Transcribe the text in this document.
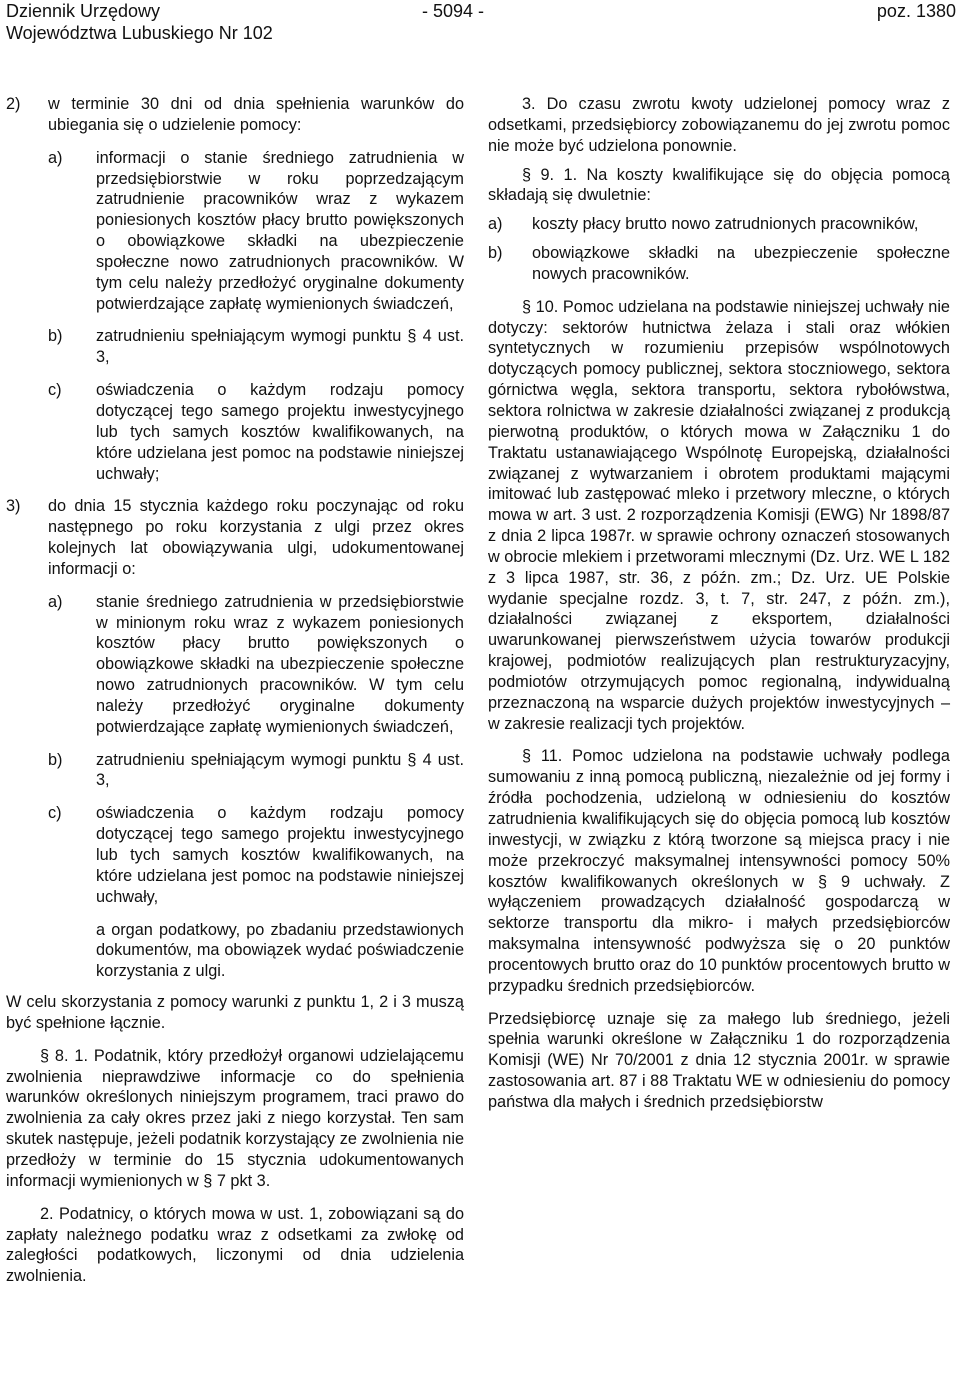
Dziennik Urzędowy
Województwa Lubuskiego Nr 102
- 5094 -	poz. 1380
2)	w terminie 30 dni od dnia spełnienia warunków do ubiegania się o udzielenie pomocy:
a)	informacji o stanie średniego zatrudnienia w przedsiębiorstwie w roku poprzedzającym zatrudnienie pracowników wraz z wykazem poniesionych kosztów płacy brutto powiększonych o obowiązkowe składki na ubezpieczenie społeczne nowo zatrudnionych pracowników. W tym celu należy przedłożyć oryginalne dokumenty potwierdzające zapłatę wymienionych świadczeń,
b)	zatrudnieniu spełniającym wymogi punktu § 4 ust. 3,
c)	oświadczenia o każdym rodzaju pomocy dotyczącej tego samego projektu inwestycyjnego lub tych samych kosztów kwalifikowanych, na które udzielana jest pomoc na podstawie niniejszej uchwały;
3)	do dnia 15 stycznia każdego roku poczynając od roku następnego po roku korzystania z ulgi przez okres kolejnych lat obowiązywania ulgi, udokumentowanej informacji o:
a)	stanie średniego zatrudnienia w przedsiębiorstwie w minionym roku wraz z wykazem poniesionych kosztów płacy brutto powiększonych o obowiązkowe składki na ubezpieczenie społeczne nowo zatrudnionych pracowników. W tym celu należy przedłożyć oryginalne dokumenty potwierdzające zapłatę wymienionych świadczeń,
b)	zatrudnieniu spełniającym wymogi punktu § 4 ust. 3,
c)	oświadczenia o każdym rodzaju pomocy dotyczącej tego samego projektu inwestycyjnego lub tych samych kosztów kwalifikowanych, na które udzielana jest pomoc na podstawie niniejszej uchwały,

a organ podatkowy, po zbadaniu przedstawionych dokumentów, ma obowiązek wydać poświadczenie korzystania z ulgi.

W celu skorzystania z pomocy warunki z punktu 1, 2 i 3 muszą być spełnione łącznie.

§ 8. 1. Podatnik, który przedłożył organowi udzielającemu zwolnienia nieprawdziwe informacje co do spełnienia warunków określonych niniejszym programem, traci prawo do zwolnienia za cały okres przez jaki z niego korzystał. Ten sam skutek następuje, jeżeli podatnik korzystający ze zwolnienia nie przedłoży w terminie do 15 stycznia udokumentowanych informacji wymienionych w § 7 pkt 3.

2. Podatnicy, o których mowa w ust. 1, zobowiązani są do zapłaty należnego podatku wraz z odsetkami za zwłokę od zaległości podatkowych, liczonymi od dnia udzielenia zwolnienia.

3. Do czasu zwrotu kwoty udzielonej pomocy wraz z odsetkami, przedsiębiorcy zobowiązanemu do jej zwrotu pomoc nie może być udzielona ponownie.

§ 9. 1. Na koszty kwalifikujące się do objęcia pomocą składają się dwuletnie:

a)	koszty płacy brutto nowo zatrudnionych pracowników,
b)	obowiązkowe składki na ubezpieczenie społeczne nowych pracowników.

§ 10. Pomoc udzielana na podstawie niniejszej uchwały nie dotyczy: sektorów hutnictwa żelaza i stali oraz włókien syntetycznych w rozumieniu przepisów wspólnotowych dotyczących pomocy publicznej, sektora stoczniowego, sektora górnictwa węgla, sektora transportu, sektora rybołówstwa, sektora rolnictwa w zakresie działalności związanej z produkcją pierwotną produktów, o których mowa w Załączniku 1 do Traktatu ustanawiającego Wspólnotę Europejską, działalności związanej z wytwarzaniem i obrotem produktami mającymi imitować lub zastępować mleko i przetwory mleczne, o których mowa w art. 3 ust. 2 rozporządzenia Komisji (EWG) Nr 1898/87 z dnia 2 lipca 1987r. w sprawie ochrony oznaczeń stosowanych w obrocie mlekiem i przetworami mlecznymi (Dz. Urz. WE L 182 z 3 lipca 1987, str. 36, z późn. zm.; Dz. Urz. UE Polskie wydanie specjalne rozdz. 3, t. 7, str. 247, z późn. zm.), działalności związanej z eksportem, działalności uwarunkowanej pierwszeństwem użycia towarów produkcji krajowej, podmiotów realizujących plan restrukturyzacyjny, podmiotów otrzymujących pomoc regionalną, indywidualną przeznaczoną na wsparcie dużych projektów inwestycyjnych – w zakresie realizacji tych projektów.

§ 11. Pomoc udzielona na podstawie uchwały podlega sumowaniu z inną pomocą publiczną, niezależnie od jej formy i źródła pochodzenia, udzieloną w odniesieniu do kosztów zatrudnienia kwalifikujących się do objęcia pomocą lub kosztów inwestycji, w związku z którą tworzone są miejsca pracy i nie może przekroczyć maksymalnej intensywności pomocy 50% kosztów kwalifikowanych określonych w § 9 uchwały. Z wyłączeniem prowadzących działalność gospodarczą w sektorze transportu dla mikro- i małych przedsiębiorców maksymalna intensywność podwyższa się o 20 punktów procentowych brutto oraz do 10 punktów procentowych brutto w przypadku średnich przedsiębiorców.

Przedsiębiorcę uznaje się za małego lub średniego, jeżeli spełnia warunki określone w Załączniku 1 do rozporządzenia Komisji (WE) Nr 70/2001 z dnia 12 stycznia 2001r. w sprawie zastosowania art. 87 i 88 Traktatu WE w odniesieniu do pomocy państwa dla małych i średnich przedsiębiorstw
